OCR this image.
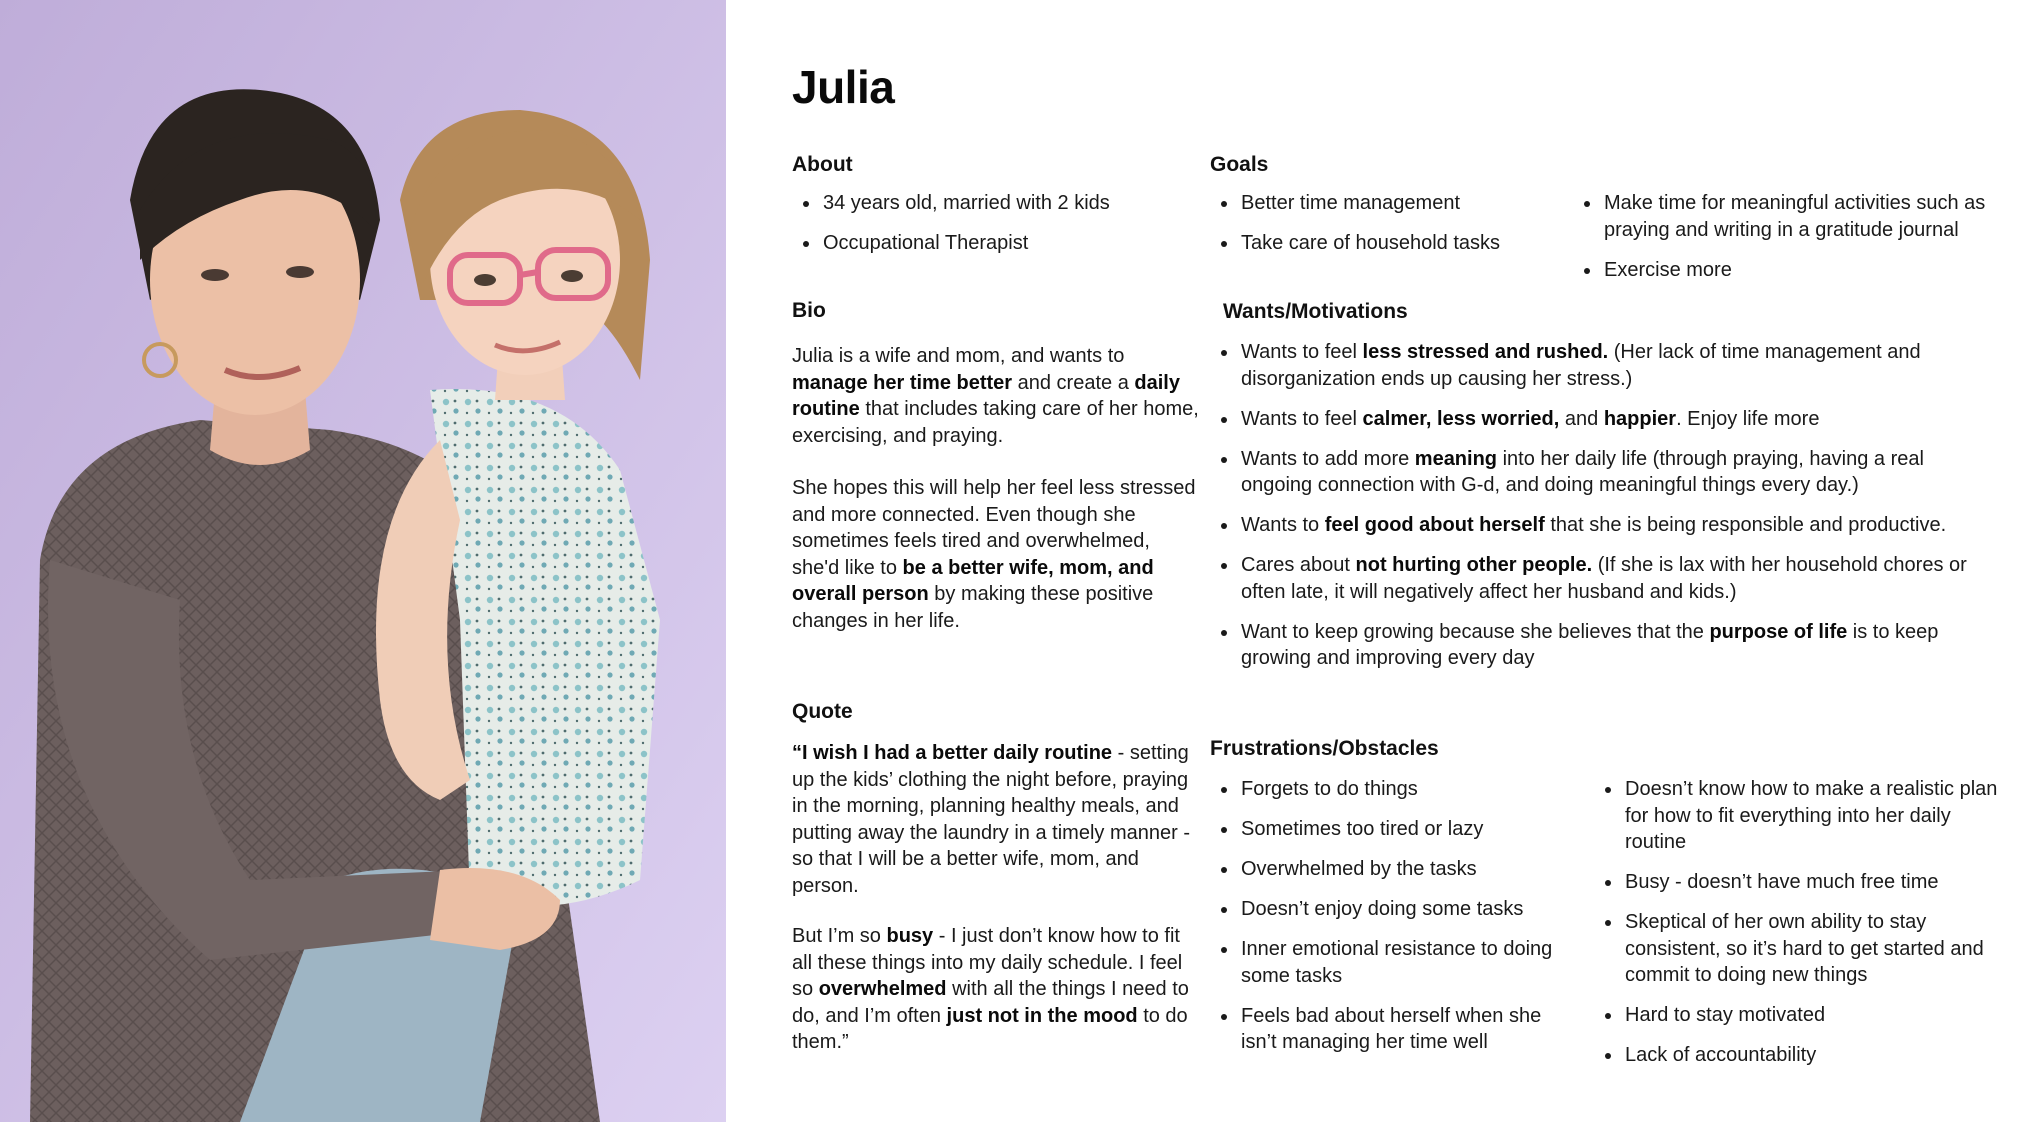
Julia
About
34 years old, married with 2 kids
Occupational Therapist
Bio

Julia is a wife and mom, and wants to manage her time better and create a daily routine that includes taking care of her home, exercising, and praying.

She hopes this will help her feel less stressed and more connected. Even though she sometimes feels tired and overwhelmed, she'd like to be a better wife, mom, and overall person by making these positive changes in her life.

Quote

“I wish I had a better daily routine - setting up the kids’ clothing the night before, praying in the morning, planning healthy meals, and putting away the laundry in a timely manner - so that I will be a better wife, mom, and person.

But I’m so busy - I just don’t know how to fit all these things into my daily schedule. I feel so overwhelmed with all the things I need to do, and I’m often just not in the mood to do them.”

Goals
Better time management
Take care of household tasks
Make time for meaningful activities such as praying and writing in a gratitude journal
Exercise more
Wants/Motivations
Wants to feel less stressed and rushed. (Her lack of time management and disorganization ends up causing her stress.)
Wants to feel calmer, less worried, and happier. Enjoy life more
Wants to add more meaning into her daily life (through praying, having a real ongoing connection with G-d, and doing meaningful things every day.)
Wants to feel good about herself that she is being responsible and productive.
Cares about not hurting other people. (If she is lax with her household chores or often late, it will negatively affect her husband and kids.)
Want to keep growing because she believes that the purpose of life is to keep growing and improving every day
Frustrations/Obstacles
Forgets to do things
Sometimes too tired or lazy
Overwhelmed by the tasks
Doesn’t enjoy doing some tasks
Inner emotional resistance to doing some tasks
Feels bad about herself when she isn’t managing her time well
Doesn’t know how to make a realistic plan for how to fit everything into her daily routine
Busy - doesn’t have much free time
Skeptical of her own ability to stay consistent, so it’s hard to get started and commit to doing new things
Hard to stay motivated
Lack of accountability
